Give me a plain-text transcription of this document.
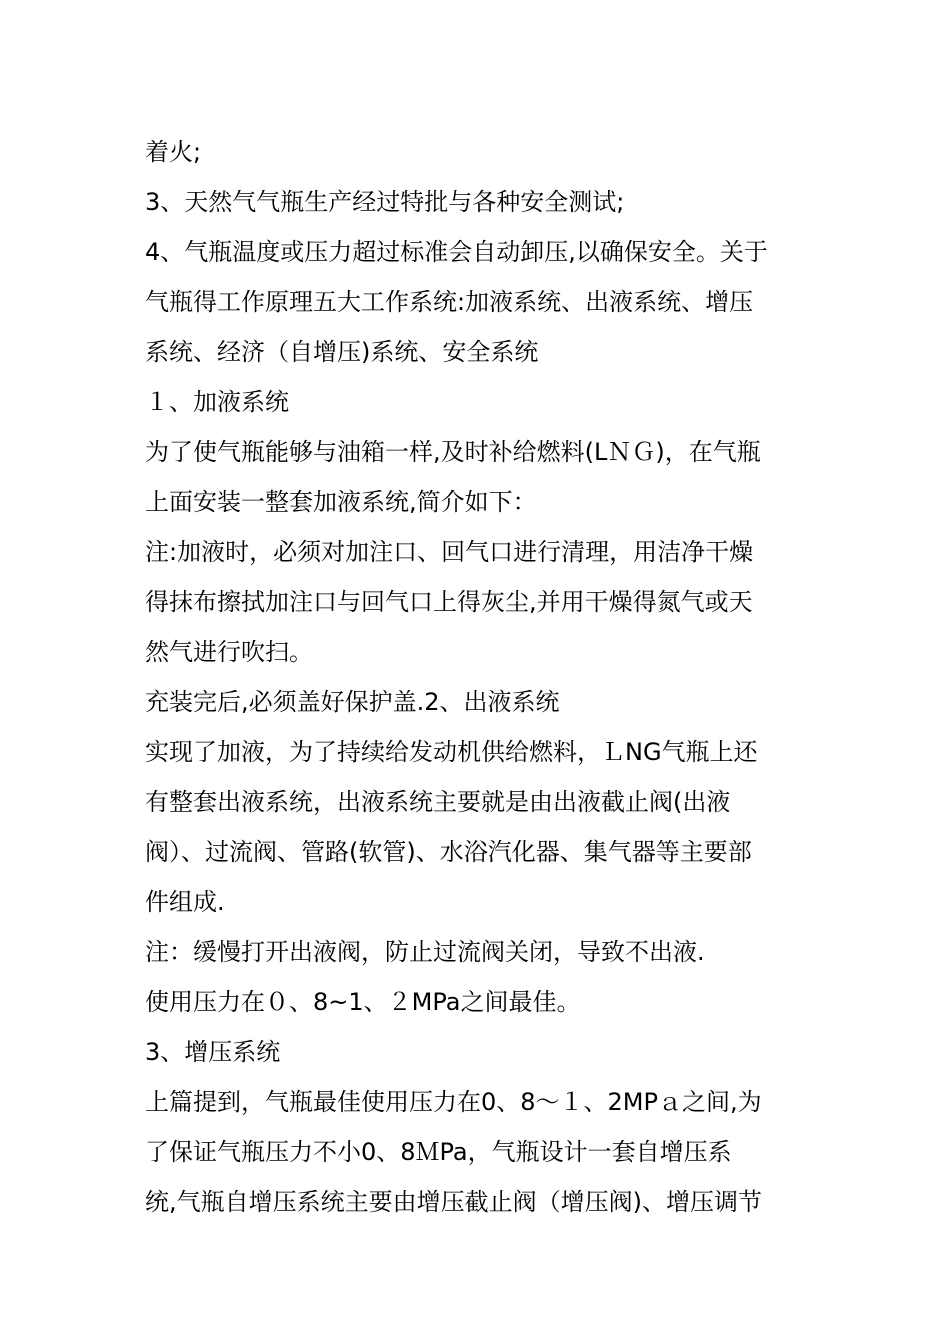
着火;
3、天然气气瓶生产经过特批与各种安全测试;
4、气瓶温度或压力超过标准会自动卸压,以确保安全。关于
气瓶得工作原理五大工作系统:加液系统、出液系统、增压
系统、经济（自增压)系统、安全系统
１、加液系统
为了使气瓶能够与油箱一样,及时补给燃料(LＮＧ)，在气瓶
上面安装一整套加液系统,简介如下：
注:加液时，必须对加注口、回气口进行清理，用洁净干燥
得抹布擦拭加注口与回气口上得灰尘,并用干燥得氮气或天
然气进行吹扫。
充装完后,必须盖好保护盖.2、出液系统
实现了加液，为了持续给发动机供给燃料，ＬNG气瓶上还
有整套出液系统，出液系统主要就是由出液截止阀(出液
阀）、过流阀、管路(软管)、水浴汽化器、集气器等主要部
件组成.
注：缓慢打开出液阀，防止过流阀关闭，导致不出液.
使用压力在０、8~1、２MPa之间最佳。
3、增压系统
上篇提到，气瓶最佳使用压力在0、8～１、2MPａ之间,为
了保证气瓶压力不小0、8ＭPa，气瓶设计一套自增压系
统,气瓶自增压系统主要由增压截止阀（增压阀)、增压调节
